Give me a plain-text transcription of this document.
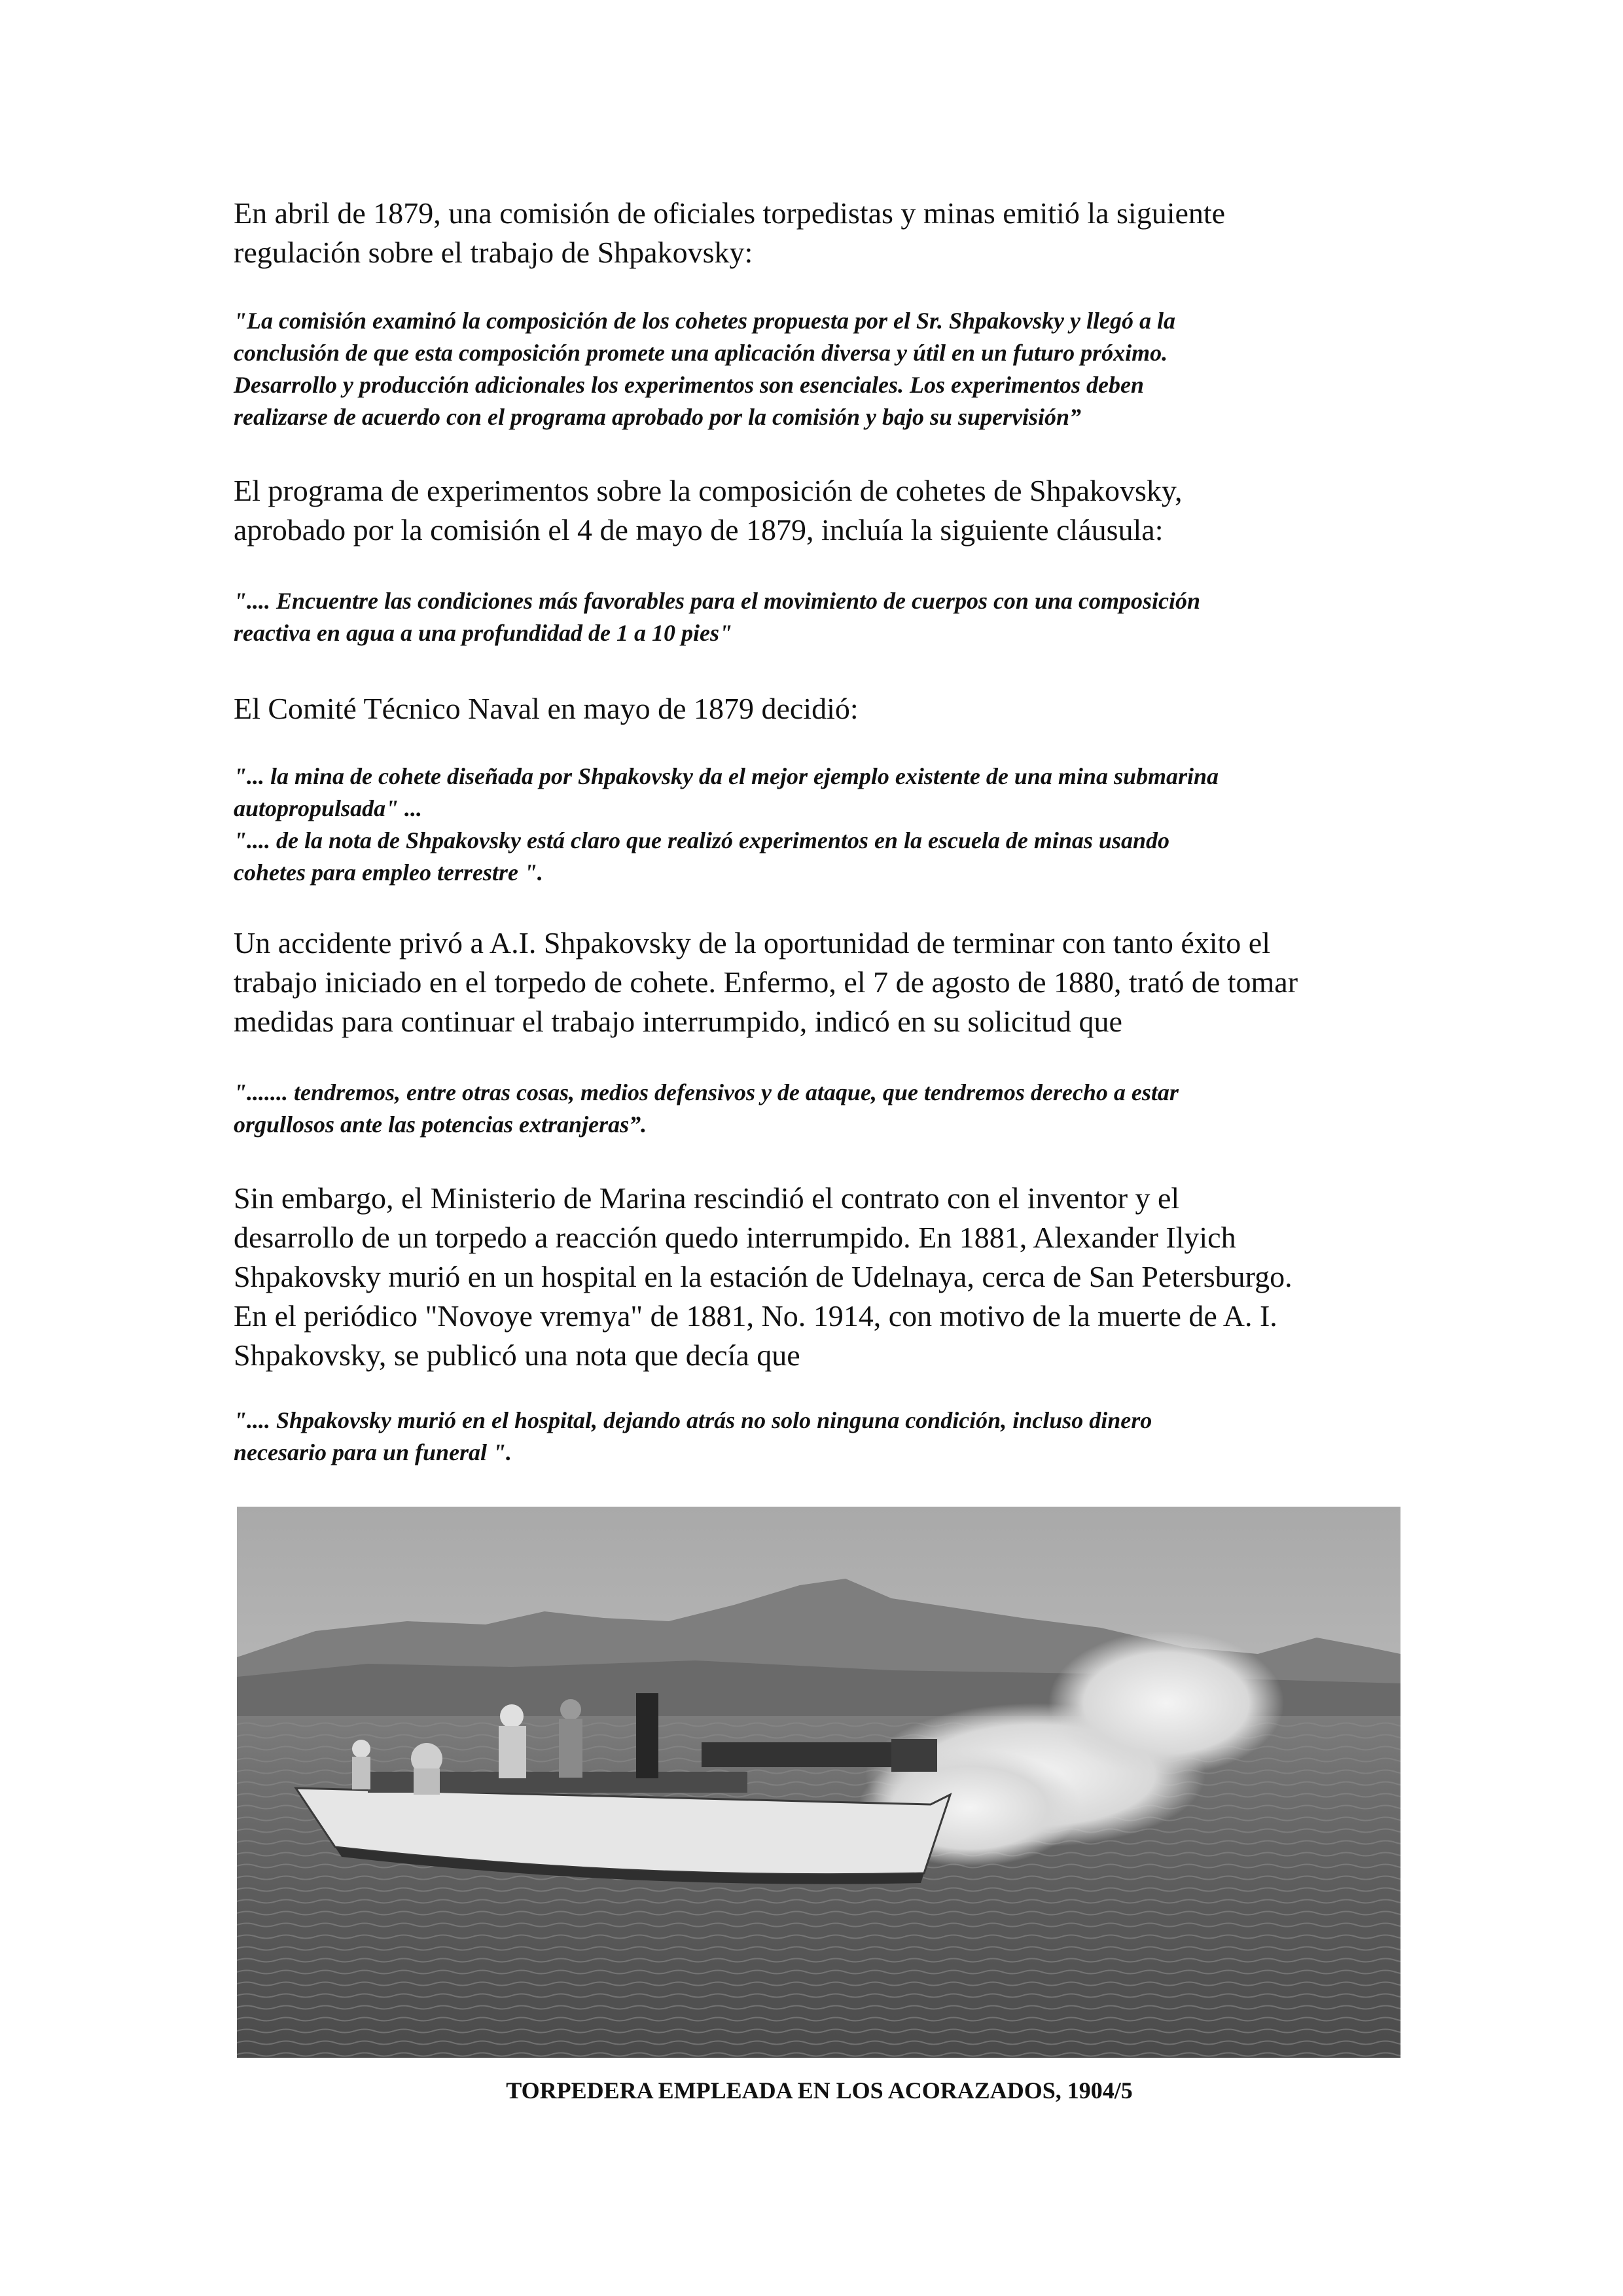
En abril de 1879, una comisión de oficiales torpedistas y minas emitió la siguiente
regulación sobre el trabajo de Shpakovsky:
"La comisión examinó la composición de los cohetes propuesta por el Sr. Shpakovsky y llegó a la
conclusión de que esta composición promete una aplicación diversa y útil en un futuro próximo.
Desarrollo y producción adicionales los experimentos son esenciales. Los experimentos deben
realizarse de acuerdo con el programa aprobado por la comisión y bajo su supervisión”
El programa de experimentos sobre la composición de cohetes de Shpakovsky,
aprobado por la comisión el 4 de mayo de 1879, incluía la siguiente cláusula:
".... Encuentre las condiciones más favorables para el movimiento de cuerpos con una composición
reactiva en agua a una profundidad de 1 a 10 pies"
El Comité Técnico Naval en mayo de 1879 decidió:
"... la mina de cohete diseñada por Shpakovsky da el mejor ejemplo existente de una mina submarina
autopropulsada" ...
".... de la nota de Shpakovsky está claro que realizó experimentos en la escuela de minas usando
cohetes para empleo terrestre ".
Un accidente privó a A.I. Shpakovsky de la oportunidad de terminar con tanto éxito el
trabajo iniciado en el torpedo de cohete. Enfermo, el 7 de agosto de 1880, trató de tomar
medidas para continuar el trabajo interrumpido, indicó en su solicitud que
"....... tendremos, entre otras cosas, medios defensivos y de ataque, que tendremos derecho a estar
orgullosos ante las potencias extranjeras”.
Sin embargo, el Ministerio de Marina rescindió el contrato con el inventor y el
desarrollo de un torpedo a reacción quedo interrumpido. En 1881, Alexander Ilyich
Shpakovsky murió en un hospital en la estación de Udelnaya, cerca de San Petersburgo.
En el periódico "Novoye vremya" de 1881, No. 1914, con motivo de la muerte de A. I.
Shpakovsky, se publicó una nota que decía que
".... Shpakovsky murió en el hospital, dejando atrás no solo ninguna condición, incluso dinero
necesario para un funeral ".
TORPEDERA EMPLEADA EN LOS ACORAZADOS, 1904/5
